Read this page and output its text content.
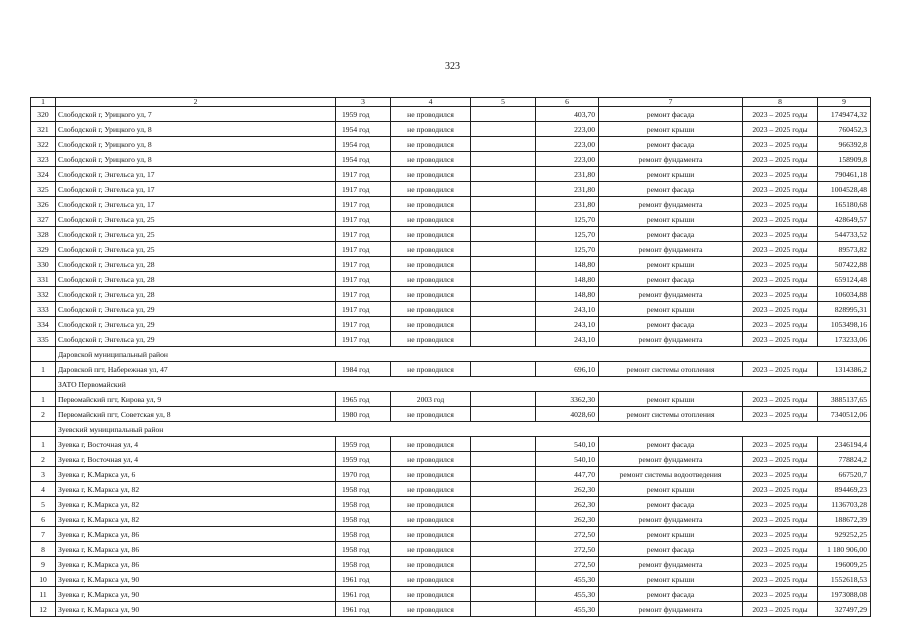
323
1	2	3	4	5	6	7	8	9
320	Слободской г, Урицкого ул, 7	1959 год	не проводился		403,70	ремонт фасада	2023 – 2025 годы	1749474,32
321	Слободской г, Урицкого ул, 8	1954 год	не проводился		223,00	ремонт крыши	2023 – 2025 годы	760452,3
322	Слободской г, Урицкого ул, 8	1954 год	не проводился		223,00	ремонт фасада	2023 – 2025 годы	966392,8
323	Слободской г, Урицкого ул, 8	1954 год	не проводился		223,00	ремонт фундамента	2023 – 2025 годы	158909,8
324	Слободской г, Энгельса ул, 17	1917 год	не проводился		231,80	ремонт крыши	2023 – 2025 годы	790461,18
325	Слободской г, Энгельса ул, 17	1917 год	не проводился		231,80	ремонт фасада	2023 – 2025 годы	1004528,48
326	Слободской г, Энгельса ул, 17	1917 год	не проводился		231,80	ремонт фундамента	2023 – 2025 годы	165180,68
327	Слободской г, Энгельса ул, 25	1917 год	не проводился		125,70	ремонт крыши	2023 – 2025 годы	428649,57
328	Слободской г, Энгельса ул, 25	1917 год	не проводился		125,70	ремонт фасада	2023 – 2025 годы	544733,52
329	Слободской г, Энгельса ул, 25	1917 год	не проводился		125,70	ремонт фундамента	2023 – 2025 годы	89573,82
330	Слободской г, Энгельса ул, 28	1917 год	не проводился		148,80	ремонт крыши	2023 – 2025 годы	507422,88
331	Слободской г, Энгельса ул, 28	1917 год	не проводился		148,80	ремонт фасада	2023 – 2025 годы	659124,48
332	Слободской г, Энгельса ул, 28	1917 год	не проводился		148,80	ремонт фундамента	2023 – 2025 годы	106034,88
333	Слободской г, Энгельса ул, 29	1917 год	не проводился		243,10	ремонт крыши	2023 – 2025 годы	828995,31
334	Слободской г, Энгельса ул, 29	1917 год	не проводился		243,10	ремонт фасада	2023 – 2025 годы	1053498,16
335	Слободской г, Энгельса ул, 29	1917 год	не проводился		243,10	ремонт фундамента	2023 – 2025 годы	173233,06
	Даровской муниципальный район							
1	Даровской пгт, Набережная ул, 47	1984 год	не проводился		696,10	ремонт системы отопления	2023 – 2025 годы	1314386,2
	ЗАТО Первомайский							
1	Первомайский пгт, Кирова ул, 9	1965 год	2003 год		3362,30	ремонт крыши	2023 – 2025 годы	3885137,65
2	Первомайский пгт, Советская ул, 8	1980 год	не проводился		4028,60	ремонт системы отопления	2023 – 2025 годы	7340512,06
	Зуевский муниципальный район							
1	Зуевка г, Восточная ул, 4	1959 год	не проводился		540,10	ремонт фасада	2023 – 2025 годы	2346194,4
2	Зуевка г, Восточная ул, 4	1959 год	не проводился		540,10	ремонт фундамента	2023 – 2025 годы	778824,2
3	Зуевка г, К.Маркса ул, 6	1970 год	не проводился		447,70	ремонт системы водоотведения	2023 – 2025 годы	667520,7
4	Зуевка г, К.Маркса ул, 82	1958 год	не проводился		262,30	ремонт крыши	2023 – 2025 годы	894469,23
5	Зуевка г, К.Маркса ул, 82	1958 год	не проводился		262,30	ремонт фасада	2023 – 2025 годы	1136703,28
6	Зуевка г, К.Маркса ул, 82	1958 год	не проводился		262,30	ремонт фундамента	2023 – 2025 годы	188672,39
7	Зуевка г, К.Маркса ул, 86	1958 год	не проводился		272,50	ремонт крыши	2023 – 2025 годы	929252,25
8	Зуевка г, К.Маркса ул, 86	1958 год	не проводился		272,50	ремонт фасада	2023 – 2025 годы	1 180 906,00
9	Зуевка г, К.Маркса ул, 86	1958 год	не проводился		272,50	ремонт фундамента	2023 – 2025 годы	196009,25
10	Зуевка г, К.Маркса ул, 90	1961 год	не проводился		455,30	ремонт крыши	2023 – 2025 годы	1552618,53
11	Зуевка г, К.Маркса ул, 90	1961 год	не проводился		455,30	ремонт фасада	2023 – 2025 годы	1973088,08
12	Зуевка г, К.Маркса ул, 90	1961 год	не проводился		455,30	ремонт фундамента	2023 – 2025 годы	327497,29
